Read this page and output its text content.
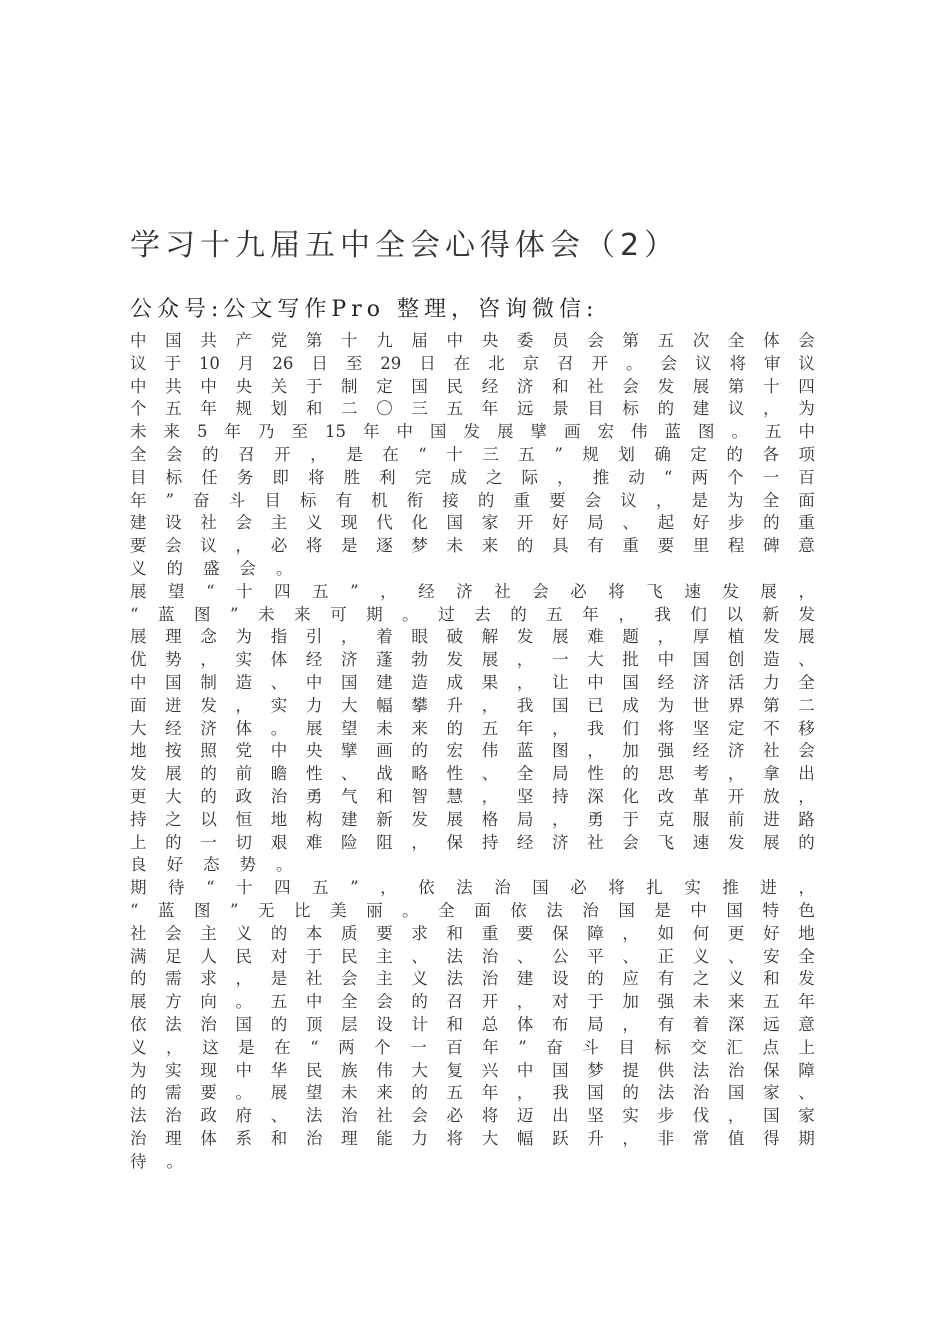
学习十九届五中全会心得体会（2）
公众号:公文写作Pro 整理，咨询微信:
中 国 共 产 党 第 十 九 届 中 央 委 员 会 第 五 次 全 体 会
议 于 10 月 26 日 至 29 日 在 北 京 召 开 。 会 议 将 审 议
中 共 中 央 关 于 制 定 国 民 经 济 和 社 会 发 展 第 十 四
个 五 年 规 划 和 二 〇 三 五 年 远 景 目 标 的 建 议 ， 为
未 来 5 年 乃 至 15 年 中 国 发 展 擘 画 宏 伟 蓝 图 。 五 中
全 会 的 召 开 ， 是 在 “ 十 三 五 ” 规 划 确 定 的 各 项
目 标 任 务 即 将 胜 利 完 成 之 际 ， 推 动 “ 两 个 一 百
年 ” 奋 斗 目 标 有 机 衔 接 的 重 要 会 议 ， 是 为 全 面
建 设 社 会 主 义 现 代 化 国 家 开 好 局 、 起 好 步 的 重
要 会 议 ， 必 将 是 逐 梦 未 来 的 具 有 重 要 里 程 碑 意
义 的 盛 会 。
展 望 “ 十 四 五 ” ， 经 济 社 会 必 将 飞 速 发 展 ，
“ 蓝 图 ” 未 来 可 期 。 过 去 的 五 年 ， 我 们 以 新 发
展 理 念 为 指 引 ， 着 眼 破 解 发 展 难 题 ， 厚 植 发 展
优 势 ， 实 体 经 济 蓬 勃 发 展 ， 一 大 批 中 国 创 造 、
中 国 制 造 、 中 国 建 造 成 果 ， 让 中 国 经 济 活 力 全
面 迸 发 ， 实 力 大 幅 攀 升 ， 我 国 已 成 为 世 界 第 二
大 经 济 体 。 展 望 未 来 的 五 年 ， 我 们 将 坚 定 不 移
地 按 照 党 中 央 擘 画 的 宏 伟 蓝 图 ， 加 强 经 济 社 会
发 展 的 前 瞻 性 、 战 略 性 、 全 局 性 的 思 考 ， 拿 出
更 大 的 政 治 勇 气 和 智 慧 ， 坚 持 深 化 改 革 开 放 ，
持 之 以 恒 地 构 建 新 发 展 格 局 ， 勇 于 克 服 前 进 路
上 的 一 切 艰 难 险 阻 ， 保 持 经 济 社 会 飞 速 发 展 的
良 好 态 势 。
期 待 “ 十 四 五 ” ， 依 法 治 国 必 将 扎 实 推 进 ，
“ 蓝 图 ” 无 比 美 丽 。 全 面 依 法 治 国 是 中 国 特 色
社 会 主 义 的 本 质 要 求 和 重 要 保 障 ， 如 何 更 好 地
满 足 人 民 对 于 民 主 、 法 治 、 公 平 、 正 义 、 安 全
的 需 求 ， 是 社 会 主 义 法 治 建 设 的 应 有 之 义 和 发
展 方 向 。 五 中 全 会 的 召 开 ， 对 于 加 强 未 来 五 年
依 法 治 国 的 顶 层 设 计 和 总 体 布 局 ， 有 着 深 远 意
义 ， 这 是 在 “ 两 个 一 百 年 ” 奋 斗 目 标 交 汇 点 上
为 实 现 中 华 民 族 伟 大 复 兴 中 国 梦 提 供 法 治 保 障
的 需 要 。 展 望 未 来 的 五 年 ， 我 国 的 法 治 国 家 、
法 治 政 府 、 法 治 社 会 必 将 迈 出 坚 实 步 伐 ， 国 家
治 理 体 系 和 治 理 能 力 将 大 幅 跃 升 ， 非 常 值 得 期
待 。
